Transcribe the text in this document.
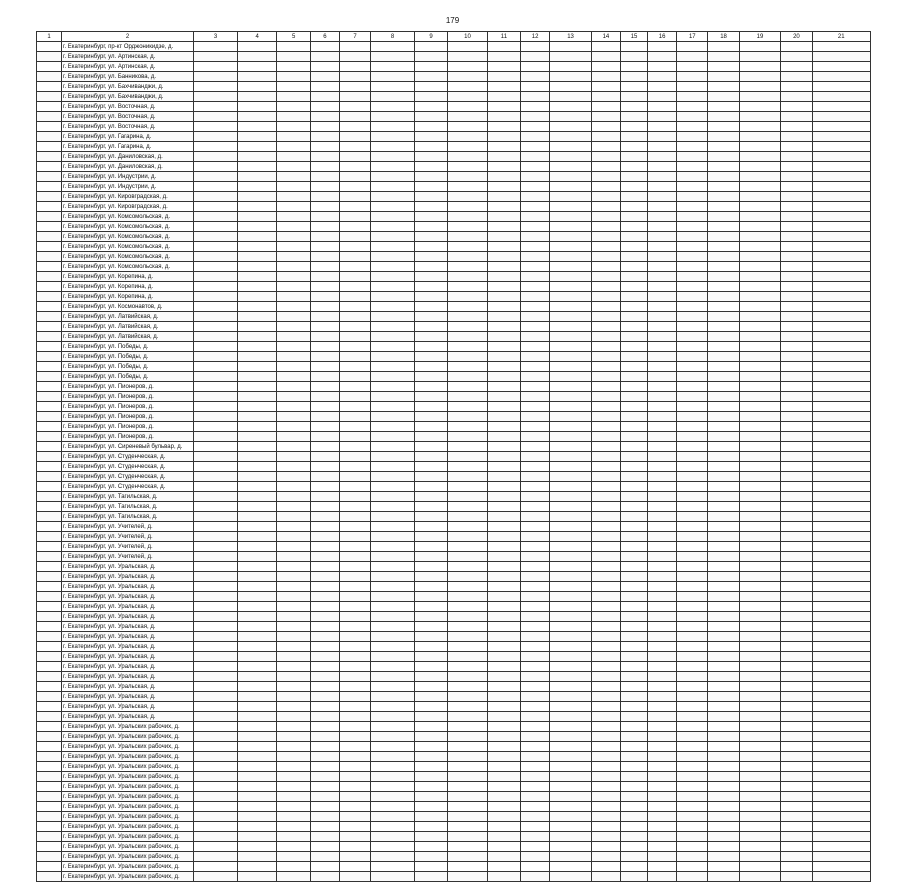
179
1	2	3	4	5	6	7	8	9	10	11	12	13	14	15	16	17	18	19	20	21
	г. Екатеринбург, пр-кт Орджоникидзе, д.																			
	г. Екатеринбург, ул. Артинская, д.																			
	г. Екатеринбург, ул. Артинская, д.																			
	г. Екатеринбург, ул. Банникова, д.																			
	г. Екатеринбург, ул. Бахчиванджи, д.																			
	г. Екатеринбург, ул. Бахчиванджи, д.																			
	г. Екатеринбург, ул. Восточная, д.																			
	г. Екатеринбург, ул. Восточная, д.																			
	г. Екатеринбург, ул. Восточная, д.																			
	г. Екатеринбург, ул. Гагарина, д.																			
	г. Екатеринбург, ул. Гагарина, д.																			
	г. Екатеринбург, ул. Даниловская, д.																			
	г. Екатеринбург, ул. Даниловская, д.																			
	г. Екатеринбург, ул. Индустрии, д.																			
	г. Екатеринбург, ул. Индустрии, д.																			
	г. Екатеринбург, ул. Кировградская, д.																			
	г. Екатеринбург, ул. Кировградская, д.																			
	г. Екатеринбург, ул. Комсомольская, д.																			
	г. Екатеринбург, ул. Комсомольская, д.																			
	г. Екатеринбург, ул. Комсомольская, д.																			
	г. Екатеринбург, ул. Комсомольская, д.																			
	г. Екатеринбург, ул. Комсомольская, д.																			
	г. Екатеринбург, ул. Комсомольская, д.																			
	г. Екатеринбург, ул. Корепина, д.																			
	г. Екатеринбург, ул. Корепина, д.																			
	г. Екатеринбург, ул. Корепина, д.																			
	г. Екатеринбург, ул. Космонавтов, д.																			
	г. Екатеринбург, ул. Латвийская, д.																			
	г. Екатеринбург, ул. Латвийская, д.																			
	г. Екатеринбург, ул. Латвийская, д.																			
	г. Екатеринбург, ул. Победы, д.																			
	г. Екатеринбург, ул. Победы, д.																			
	г. Екатеринбург, ул. Победы, д.																			
	г. Екатеринбург, ул. Победы, д.																			
	г. Екатеринбург, ул. Пионеров, д.																			
	г. Екатеринбург, ул. Пионеров, д.																			
	г. Екатеринбург, ул. Пионеров, д.																			
	г. Екатеринбург, ул. Пионеров, д.																			
	г. Екатеринбург, ул. Пионеров, д.																			
	г. Екатеринбург, ул. Пионеров, д.																			
	г. Екатеринбург, ул. Сиреневый бульвар, д.																			
	г. Екатеринбург, ул. Студенческая, д.																			
	г. Екатеринбург, ул. Студенческая, д.																			
	г. Екатеринбург, ул. Студенческая, д.																			
	г. Екатеринбург, ул. Студенческая, д.																			
	г. Екатеринбург, ул. Тагильская, д.																			
	г. Екатеринбург, ул. Тагильская, д.																			
	г. Екатеринбург, ул. Тагильская, д.																			
	г. Екатеринбург, ул. Учителей, д.																			
	г. Екатеринбург, ул. Учителей, д.																			
	г. Екатеринбург, ул. Учителей, д.																			
	г. Екатеринбург, ул. Учителей, д.																			
	г. Екатеринбург, ул. Уральская, д.																			
	г. Екатеринбург, ул. Уральская, д.																			
	г. Екатеринбург, ул. Уральская, д.																			
	г. Екатеринбург, ул. Уральская, д.																			
	г. Екатеринбург, ул. Уральская, д.																			
	г. Екатеринбург, ул. Уральская, д.																			
	г. Екатеринбург, ул. Уральская, д.																			
	г. Екатеринбург, ул. Уральская, д.																			
	г. Екатеринбург, ул. Уральская, д.																			
	г. Екатеринбург, ул. Уральская, д.																			
	г. Екатеринбург, ул. Уральская, д.																			
	г. Екатеринбург, ул. Уральская, д.																			
	г. Екатеринбург, ул. Уральская, д.																			
	г. Екатеринбург, ул. Уральская, д.																			
	г. Екатеринбург, ул. Уральская, д.																			
	г. Екатеринбург, ул. Уральская, д.																			
	г. Екатеринбург, ул. Уральских рабочих, д.																			
	г. Екатеринбург, ул. Уральских рабочих, д.																			
	г. Екатеринбург, ул. Уральских рабочих, д.																			
	г. Екатеринбург, ул. Уральских рабочих, д.																			
	г. Екатеринбург, ул. Уральских рабочих, д.																			
	г. Екатеринбург, ул. Уральских рабочих, д.																			
	г. Екатеринбург, ул. Уральских рабочих, д.																			
	г. Екатеринбург, ул. Уральских рабочих, д.																			
	г. Екатеринбург, ул. Уральских рабочих, д.																			
	г. Екатеринбург, ул. Уральских рабочих, д.																			
	г. Екатеринбург, ул. Уральских рабочих, д.																			
	г. Екатеринбург, ул. Уральских рабочих, д.																			
	г. Екатеринбург, ул. Уральских рабочих, д.																			
	г. Екатеринбург, ул. Уральских рабочих, д.																			
	г. Екатеринбург, ул. Уральских рабочих, д.																			
	г. Екатеринбург, ул. Уральских рабочих, д.																			
